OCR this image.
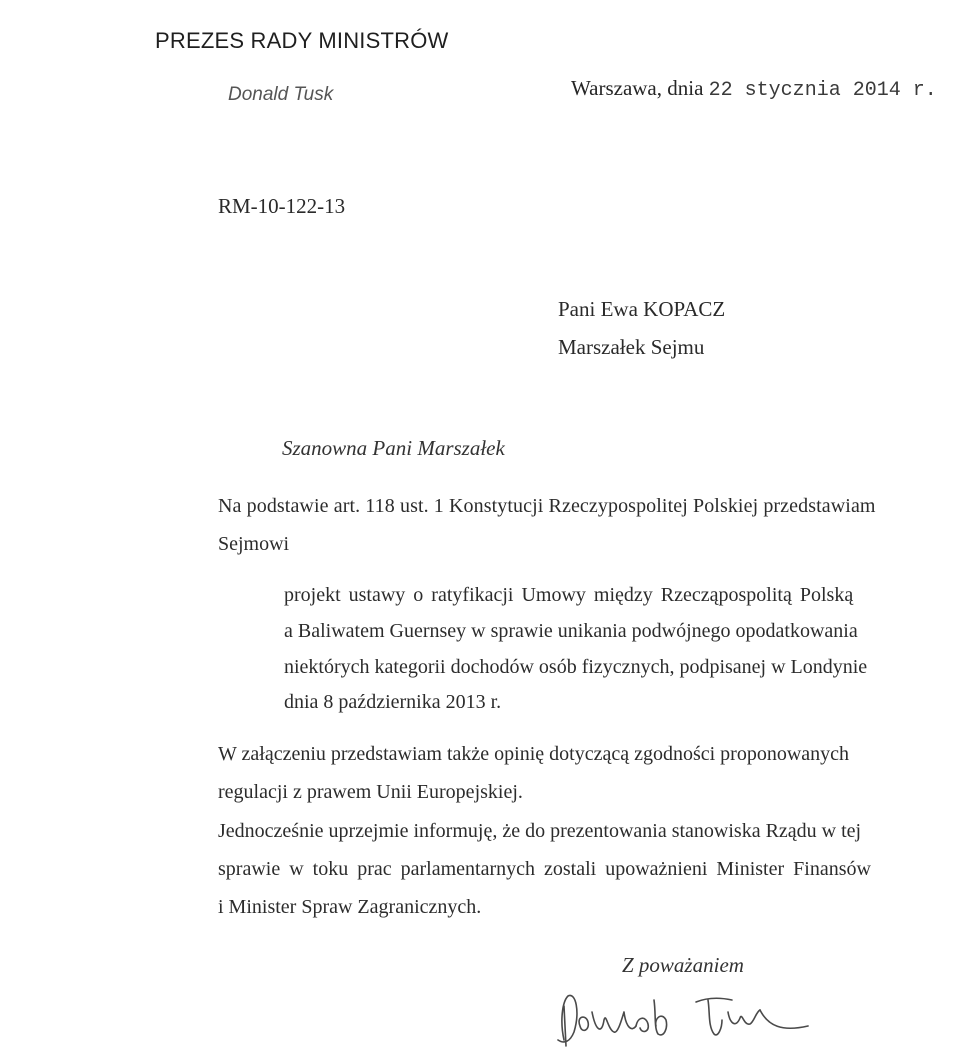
PREZES RADY MINISTRÓW
Donald Tusk	Warszawa, dnia 22 stycznia 2014 r.
RM-10-122-13
Pani Ewa KOPACZ
Marszałek Sejmu
Szanowna Pani Marszałek
Na podstawie art. 118 ust. 1 Konstytucji Rzeczypospolitej Polskiej przedstawiam
Sejmowi
projekt ustawy o ratyfikacji Umowy między Rzecząpospolitą Polską
a Baliwatem Guernsey w sprawie unikania podwójnego opodatkowania
niektórych kategorii dochodów osób fizycznych, podpisanej w Londynie
dnia 8 października 2013 r.
W załączeniu przedstawiam także opinię dotyczącą zgodności proponowanych
regulacji z prawem Unii Europejskiej.
Jednocześnie uprzejmie informuję, że do prezentowania stanowiska Rządu w tej
sprawie w toku prac parlamentarnych zostali upoważnieni Minister Finansów
i Minister Spraw Zagranicznych.
Z poważaniem
